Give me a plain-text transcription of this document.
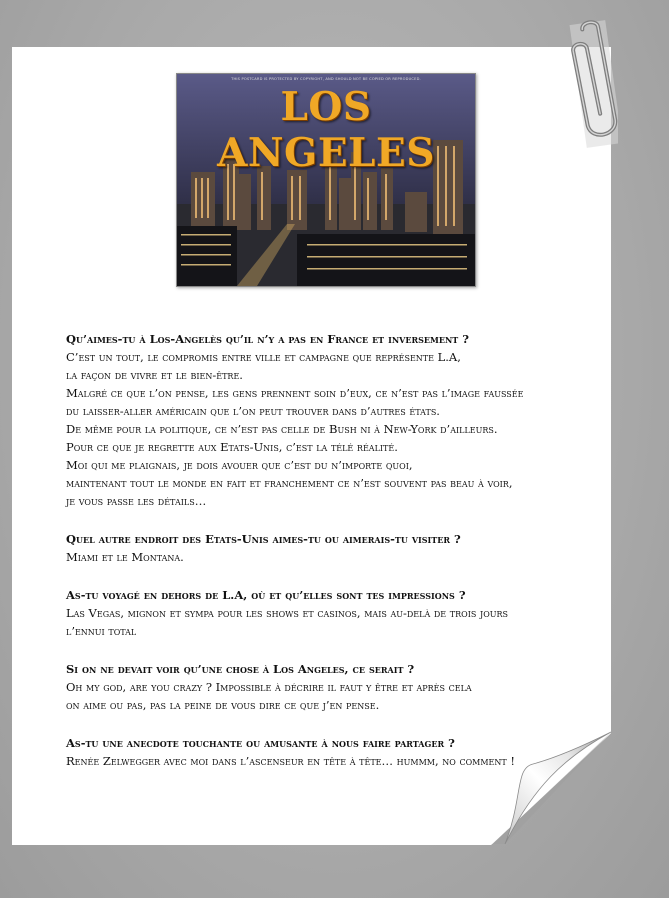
THIS POSTCARD IS PROTECTED BY COPYRIGHT, AND SHOULD NOT BE COPIED OR REPRODUCED.
LOS ANGELES

Qu’aimes-tu à Los-Angelès qu’il n’y a pas en France et inversement ?

C’est un tout, le compromis entre ville et campagne que représente L.A,

la façon de vivre et le bien-être.

Malgré ce que l’on pense, les gens prennent soin d’eux, ce n’est pas l’image faussée

du laisser-aller américain que l’on peut trouver dans d’autres états.

De même pour la politique, ce n’est pas celle de Bush ni à New-York d’ailleurs.

Pour ce que je regrette aux Etats-Unis, c’est la télé réalité.

Moi qui me plaignais, je dois avouer que c’est du n’importe quoi,

maintenant tout le monde en fait et franchement ce n’est souvent pas beau à voir,

je vous passe les détails…

Quel autre endroit des Etats-Unis aimes-tu ou aimerais-tu visiter ?

Miami et le Montana.

As-tu voyagé en dehors de L.A, où et qu’elles sont tes impressions ?

Las Vegas, mignon et sympa pour les shows et casinos, mais au-delà de trois jours

l’ennui total

Si on ne devait voir qu’une chose à Los Angeles, ce serait ?

Oh my god, are you crazy ? Impossible à décrire il faut y être et après cela

on aime ou pas, pas la peine de vous dire ce que j’en pense.

As-tu une anecdote touchante ou amusante à nous faire partager ?

Renée Zelwegger avec moi dans l’ascenseur en tête à tête… hummm, no comment !
